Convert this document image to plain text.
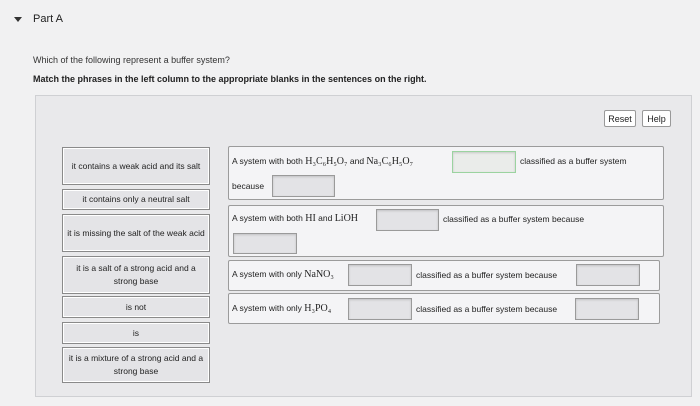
Part A
Which of the following represent a buffer system?
Match the phrases in the left column to the appropriate blanks in the sentences on the right.
Reset	Help
it contains a weak acid and its salt
it contains only a neutral salt
it is missing the salt of the weak acid
it is a salt of a strong acid and a strong base
is not
is
it is a mixture of a strong acid and a strong base
A system with both H₃C₆H₅O₇ and Na₃C₆H₅O₇	classified as a buffer system
because
A system with both HI and LiOH	classified as a buffer system because
A system with only NaNO₃	classified as a buffer system because
A system with only H₃PO₄	classified as a buffer system because
